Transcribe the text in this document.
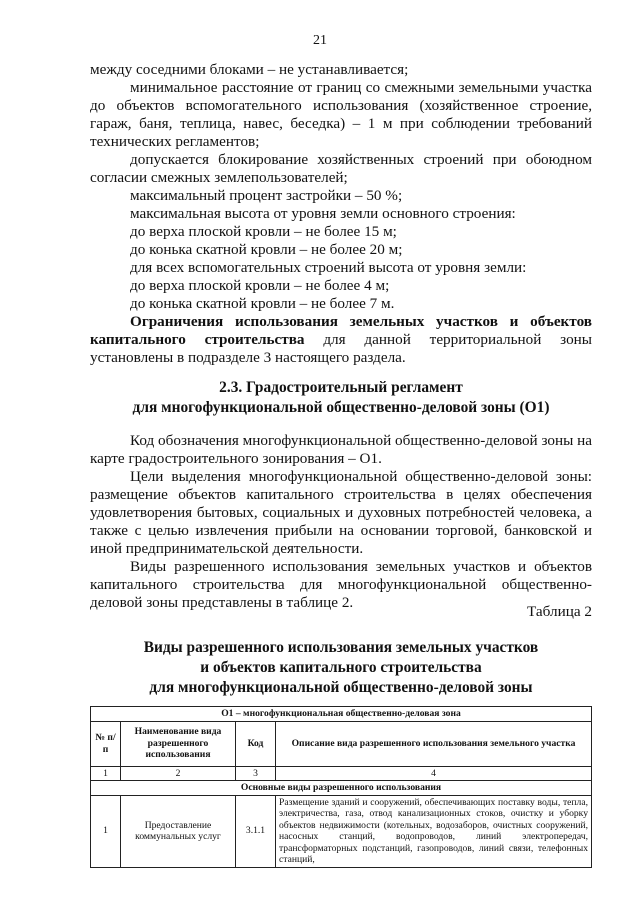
21

между соседними блоками – не устанавливается;

минимальное расстояние от границ со смежными земельными участка до объектов вспомогательного использования (хозяйственное строение, гараж, баня, теплица, навес, беседка) – 1 м при соблюдении требований технических регламентов;

допускается блокирование хозяйственных строений при обоюдном согласии смежных землепользователей;

максимальный процент застройки – 50 %;

максимальная высота от уровня земли основного строения:

до верха плоской кровли – не более 15 м;

до конька скатной кровли – не более 20 м;

для всех вспомогательных строений высота от уровня земли:

до верха плоской кровли – не более 4 м;

до конька скатной кровли – не более 7 м.

Ограничения использования земельных участков и объектов капитального строительства для данной территориальной зоны установлены в подразделе 3 настоящего раздела.

2.3. Градостроительный регламент
для многофункциональной общественно-деловой зоны (О1)

Код обозначения многофункциональной общественно-деловой зоны на карте градостроительного зонирования – О1.

Цели выделения многофункциональной общественно-деловой зоны: размещение объектов капитального строительства в целях обеспечения удовлетворения бытовых, социальных и духовных потребностей человека, а также с целью извлечения прибыли на основании торговой, банковской и иной предпринимательской деятельности.

Виды разрешенного использования земельных участков и объектов капитального строительства для многофункциональной общественно-деловой зоны представлены в таблице 2.

Таблица 2
Виды разрешенного использования земельных участков
и объектов капитального строительства
для многофункциональной общественно-деловой зоны
О1 – многофункциональная общественно-деловая зона			
№ п/п	Наименование вида разрешенного использования	Код	Описание вида разрешенного использования земельного участка
1	2	3	4
Основные виды разрешенного использования			
1	Предоставление коммунальных услуг	3.1.1	Размещение зданий и сооружений, обеспечивающих поставку воды, тепла, электричества, газа, отвод канализационных стоков, очистку и уборку объектов недвижимости (котельных, водозаборов, очистных сооружений, насосных станций, водопроводов, линий электропередач, трансформаторных подстанций, газопроводов, линий связи, телефонных станций,
